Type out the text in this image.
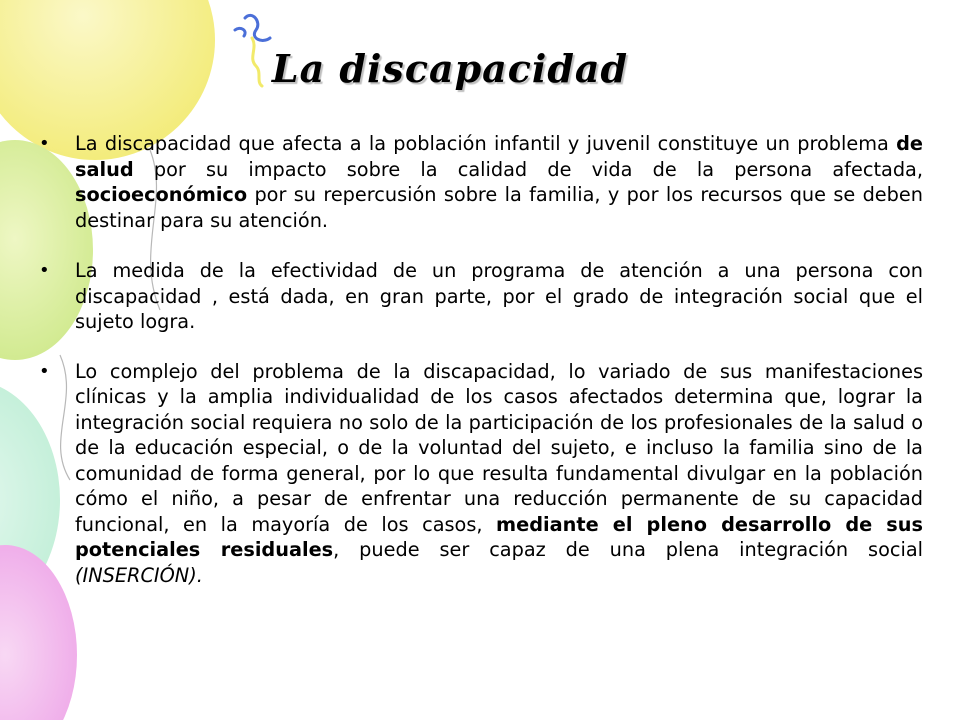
La discapacidad
• La discapacidad que afecta a la población infantil y juvenil constituye un problema de salud por su impacto sobre la calidad de vida de la persona afectada, socioeconómico por su repercusión sobre la familia, y por los recursos que se deben destinar para su atención.
• La medida de la efectividad de un programa de atención a una persona con discapacidad , está dada, en gran parte, por el grado de integración social que el sujeto logra.
• Lo complejo del problema de la discapacidad, lo variado de sus manifestaciones clínicas y la amplia individualidad de los casos afectados determina que, lograr la integración social requiera no solo de la participación de los profesionales de la salud o de la educación especial, o de la voluntad del sujeto, e incluso la familia sino de la comunidad de forma general, por lo que resulta fundamental divulgar en la población cómo el niño, a pesar de enfrentar una reducción permanente de su capacidad funcional, en la mayoría de los casos, mediante el pleno desarrollo de sus potenciales residuales, puede ser capaz de una plena integración social (INSERCIÓN).
